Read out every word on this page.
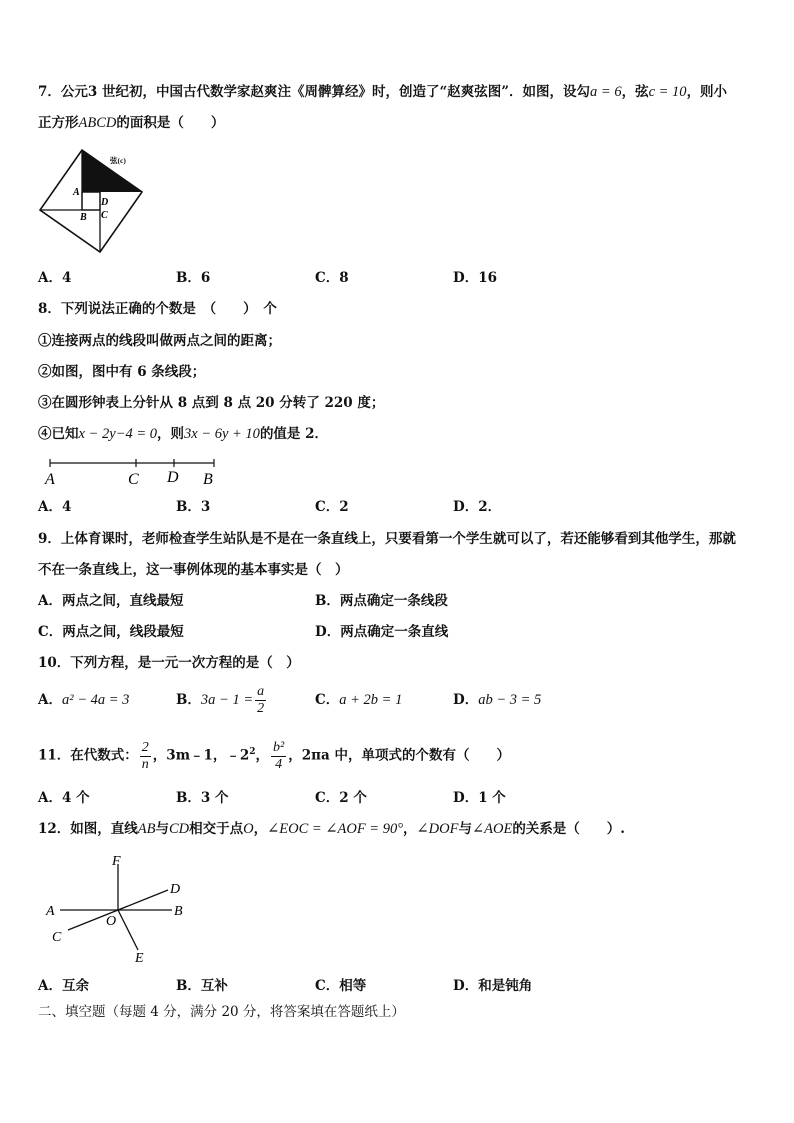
7．公元3 世纪初，中国古代数学家赵爽注《周髀算经》时，创造了“赵爽弦图”．如图，设勾a = 6，弦c = 10，则小
正方形ABCD的面积是（　　）
弦(c)
A
B
D
C
A．4	B．6	C．8	D．16
8．下列说法正确的个数是　（　　）　个
①连接两点的线段叫做两点之间的距离；
②如图，图中有 6 条线段；
③在圆形钟表上分针从 8 点到 8 点 20 分转了 220 度；
④已知x − 2y−4 = 0，则3x − 6y + 10的值是 2．
A	C D B
A．4	B．3	C．2	D．2．
9．上体育课时，老师检查学生站队是不是在一条直线上，只要看第一个学生就可以了，若还能够看到其他学生，那就
不在一条直线上，这一事例体现的基本事实是（　）
A．两点之间，直线最短	B．两点确定一条线段
C．两点之间，线段最短	D．两点确定一条直线
10．下列方程，是一元一次方程的是（　）
A．a² − 4a = 3	B．$3a - 1 = \frac{a}{2}$	C．a + 2b = 1	D．ab − 3 = 5
11．在代数式： $\frac{2}{n}$ ，3m﹣1，$﹣2^2$， $\frac{\text{b²}}{4}$ ，2πa 中，单项式的个数有（　　）
A．4 个	B．3 个	C．2 个	D．1 个
12．如图，直线AB与CD相交于点O，∠EOC = ∠AOF = 90°，∠DOF与∠AOE的关系是（　　）.
F
D
A
O
B
C
E
A．互余	B．互补	C．相等	D．和是钝角
二、填空题（每题 4 分，满分 20 分，将答案填在答题纸上）
